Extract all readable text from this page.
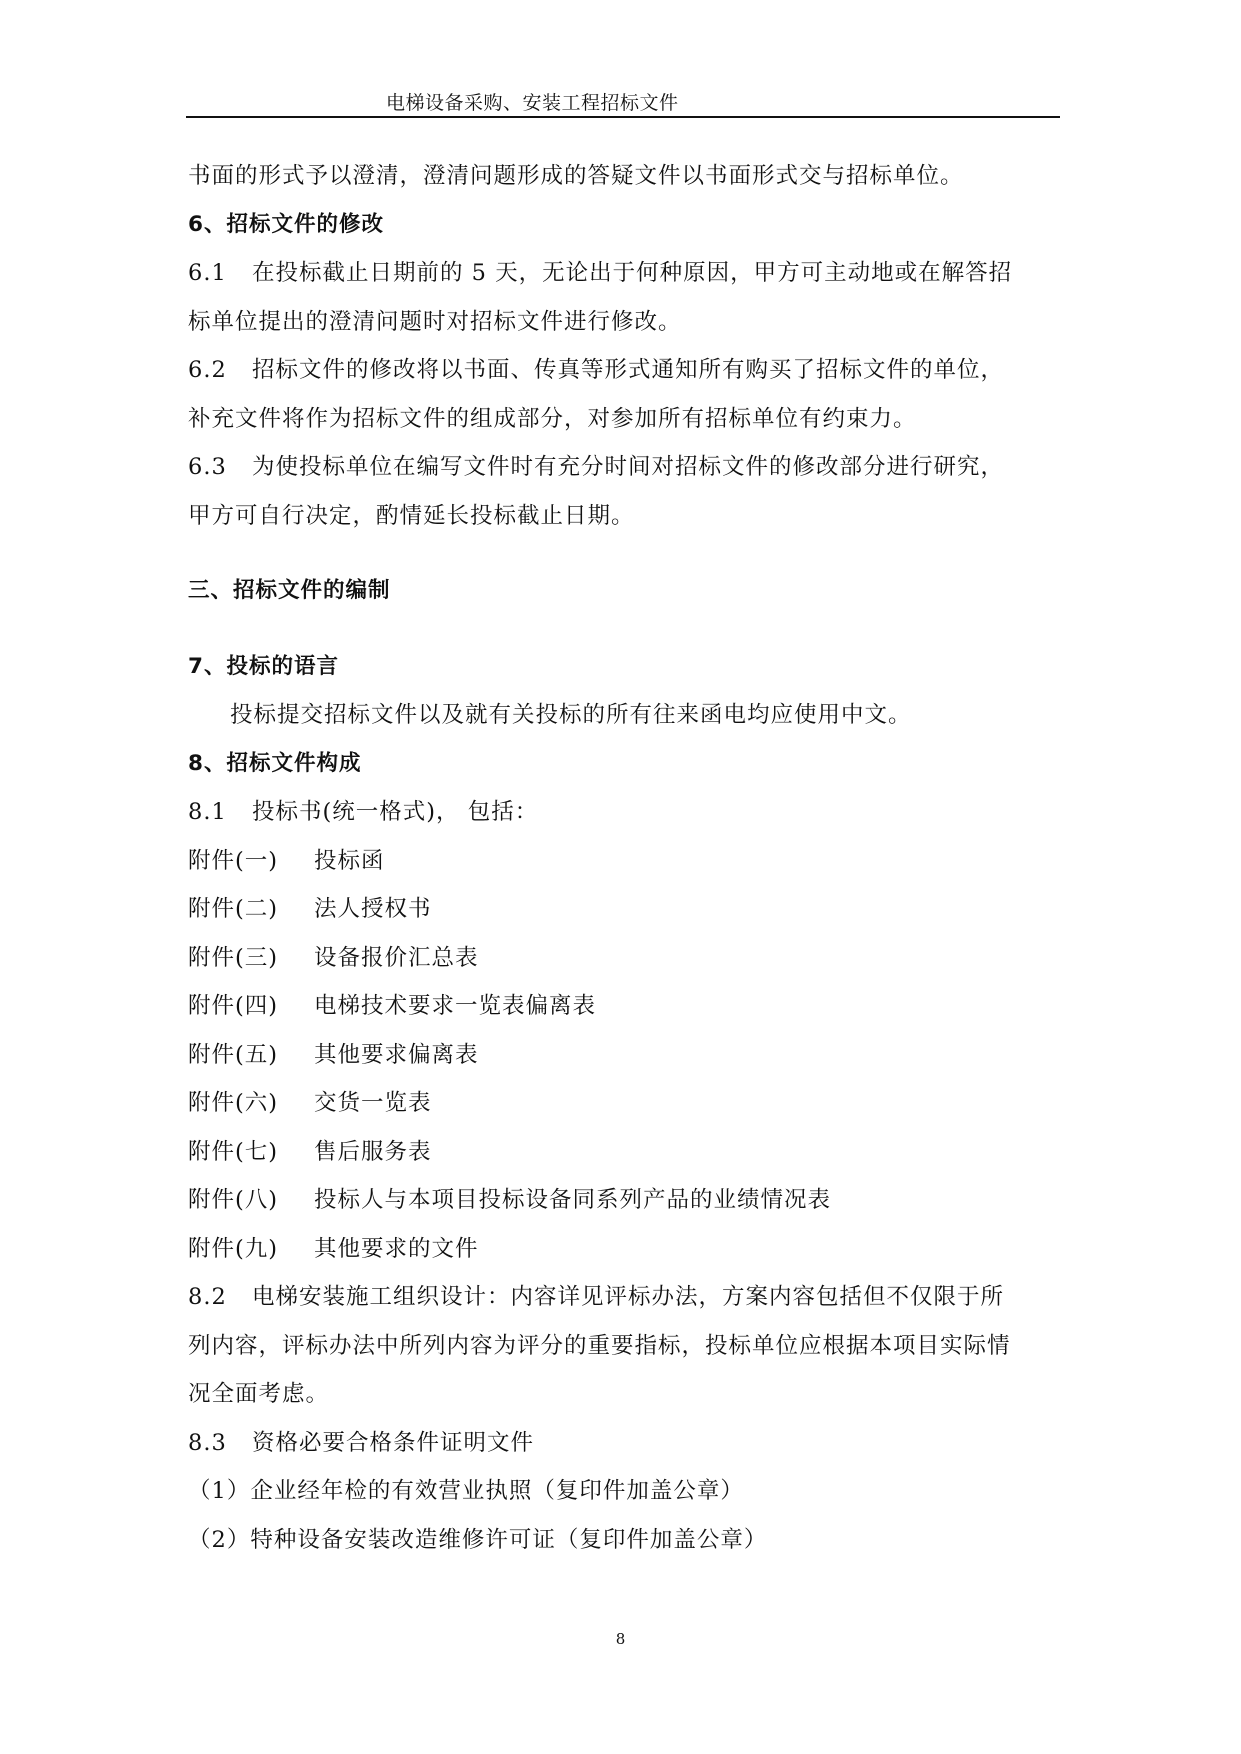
电梯设备采购、安装工程招标文件

书面的形式予以澄清，澄清问题形成的答疑文件以书面形式交与招标单位。

6、招标文件的修改

6.1 在投标截止日期前的 5 天，无论出于何种原因，甲方可主动地或在解答招

标单位提出的澄清问题时对招标文件进行修改。

6.2 招标文件的修改将以书面、传真等形式通知所有购买了招标文件的单位，

补充文件将作为招标文件的组成部分，对参加所有招标单位有约束力。

6.3 为使投标单位在编写文件时有充分时间对招标文件的修改部分进行研究，

甲方可自行决定，酌情延长投标截止日期。

三、招标文件的编制

7、投标的语言

投标提交招标文件以及就有关投标的所有往来函电均应使用中文。

8、招标文件构成

8.1 投标书(统一格式)， 包括：

附件(一) 投标函

附件(二) 法人授权书

附件(三) 设备报价汇总表

附件(四) 电梯技术要求一览表偏离表

附件(五) 其他要求偏离表

附件(六) 交货一览表

附件(七) 售后服务表

附件(八) 投标人与本项目投标设备同系列产品的业绩情况表

附件(九) 其他要求的文件

8.2 电梯安装施工组织设计：内容详见评标办法，方案内容包括但不仅限于所

列内容，评标办法中所列内容为评分的重要指标，投标单位应根据本项目实际情

况全面考虑。

8.3 资格必要合格条件证明文件

（1）企业经年检的有效营业执照（复印件加盖公章）

（2）特种设备安装改造维修许可证（复印件加盖公章）

8
